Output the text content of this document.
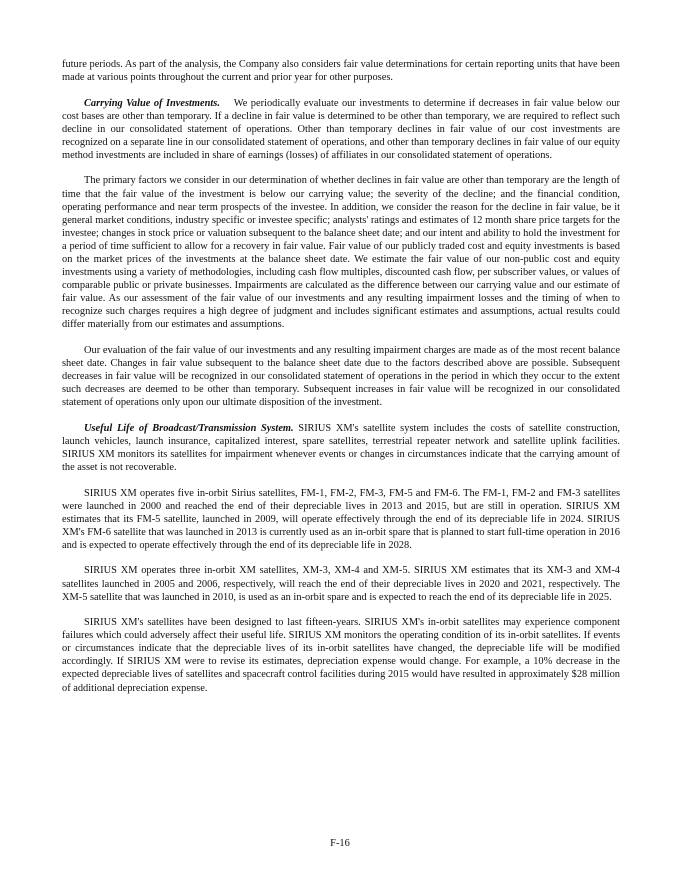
future periods. As part of the analysis, the Company also considers fair value determinations for certain reporting units that have been made at various points throughout the current and prior year for other purposes.

Carrying Value of Investments. We periodically evaluate our investments to determine if decreases in fair value below our cost bases are other than temporary. If a decline in fair value is determined to be other than temporary, we are required to reflect such decline in our consolidated statement of operations. Other than temporary declines in fair value of our cost investments are recognized on a separate line in our consolidated statement of operations, and other than temporary declines in fair value of our equity method investments are included in share of earnings (losses) of affiliates in our consolidated statement of operations.

The primary factors we consider in our determination of whether declines in fair value are other than temporary are the length of time that the fair value of the investment is below our carrying value; the severity of the decline; and the financial condition, operating performance and near term prospects of the investee. In addition, we consider the reason for the decline in fair value, be it general market conditions, industry specific or investee specific; analysts' ratings and estimates of 12 month share price targets for the investee; changes in stock price or valuation subsequent to the balance sheet date; and our intent and ability to hold the investment for a period of time sufficient to allow for a recovery in fair value. Fair value of our publicly traded cost and equity investments is based on the market prices of the investments at the balance sheet date. We estimate the fair value of our non-public cost and equity investments using a variety of methodologies, including cash flow multiples, discounted cash flow, per subscriber values, or values of comparable public or private businesses. Impairments are calculated as the difference between our carrying value and our estimate of fair value. As our assessment of the fair value of our investments and any resulting impairment losses and the timing of when to recognize such charges requires a high degree of judgment and includes significant estimates and assumptions, actual results could differ materially from our estimates and assumptions.

Our evaluation of the fair value of our investments and any resulting impairment charges are made as of the most recent balance sheet date. Changes in fair value subsequent to the balance sheet date due to the factors described above are possible. Subsequent decreases in fair value will be recognized in our consolidated statement of operations in the period in which they occur to the extent such decreases are deemed to be other than temporary. Subsequent increases in fair value will be recognized in our consolidated statement of operations only upon our ultimate disposition of the investment.

Useful Life of Broadcast/Transmission System. SIRIUS XM's satellite system includes the costs of satellite construction, launch vehicles, launch insurance, capitalized interest, spare satellites, terrestrial repeater network and satellite uplink facilities. SIRIUS XM monitors its satellites for impairment whenever events or changes in circumstances indicate that the carrying amount of the asset is not recoverable.

SIRIUS XM operates five in-orbit Sirius satellites, FM-1, FM-2, FM-3, FM-5 and FM-6. The FM-1, FM-2 and FM-3 satellites were launched in 2000 and reached the end of their depreciable lives in 2013 and 2015, but are still in operation. SIRIUS XM estimates that its FM-5 satellite, launched in 2009, will operate effectively through the end of its depreciable life in 2024. SIRIUS XM's FM-6 satellite that was launched in 2013 is currently used as an in-orbit spare that is planned to start full-time operation in 2016 and is expected to operate effectively through the end of its depreciable life in 2028.

SIRIUS XM operates three in-orbit XM satellites, XM-3, XM-4 and XM-5. SIRIUS XM estimates that its XM-3 and XM-4 satellites launched in 2005 and 2006, respectively, will reach the end of their depreciable lives in 2020 and 2021, respectively. The XM-5 satellite that was launched in 2010, is used as an in-orbit spare and is expected to reach the end of its depreciable life in 2025.

SIRIUS XM's satellites have been designed to last fifteen-years. SIRIUS XM's in-orbit satellites may experience component failures which could adversely affect their useful life. SIRIUS XM monitors the operating condition of its in-orbit satellites. If events or circumstances indicate that the depreciable lives of its in-orbit satellites have changed, the depreciable life will be modified accordingly. If SIRIUS XM were to revise its estimates, depreciation expense would change. For example, a 10% decrease in the expected depreciable lives of satellites and spacecraft control facilities during 2015 would have resulted in approximately $28 million of additional depreciation expense.

F-16
